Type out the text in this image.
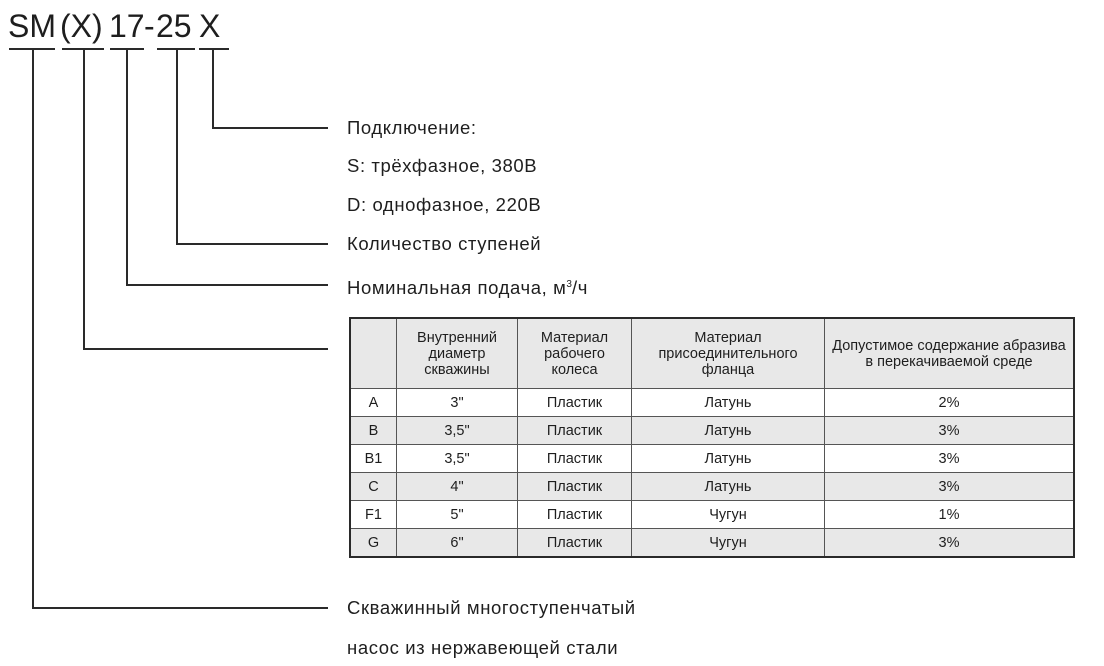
SM (X) 17 - 25 X
Подключение:
S: трёхфазное, 380В
D: однофазное, 220В
Количество ступеней
Номинальная подача, $м^3/ч$
	Внутренний диаметр скважины	Материал рабочего колеса	Материал присоединительного фланца	Допустимое содержание абразива в перекачиваемой среде
A	3"	Пластик	Латунь	2%
B	3,5"	Пластик	Латунь	3%
B1	3,5"	Пластик	Латунь	3%
C	4"	Пластик	Латунь	3%
F1	5"	Пластик	Чугун	1%
G	6"	Пластик	Чугун	3%
Скважинный многоступенчатый
насос из нержавеющей стали
